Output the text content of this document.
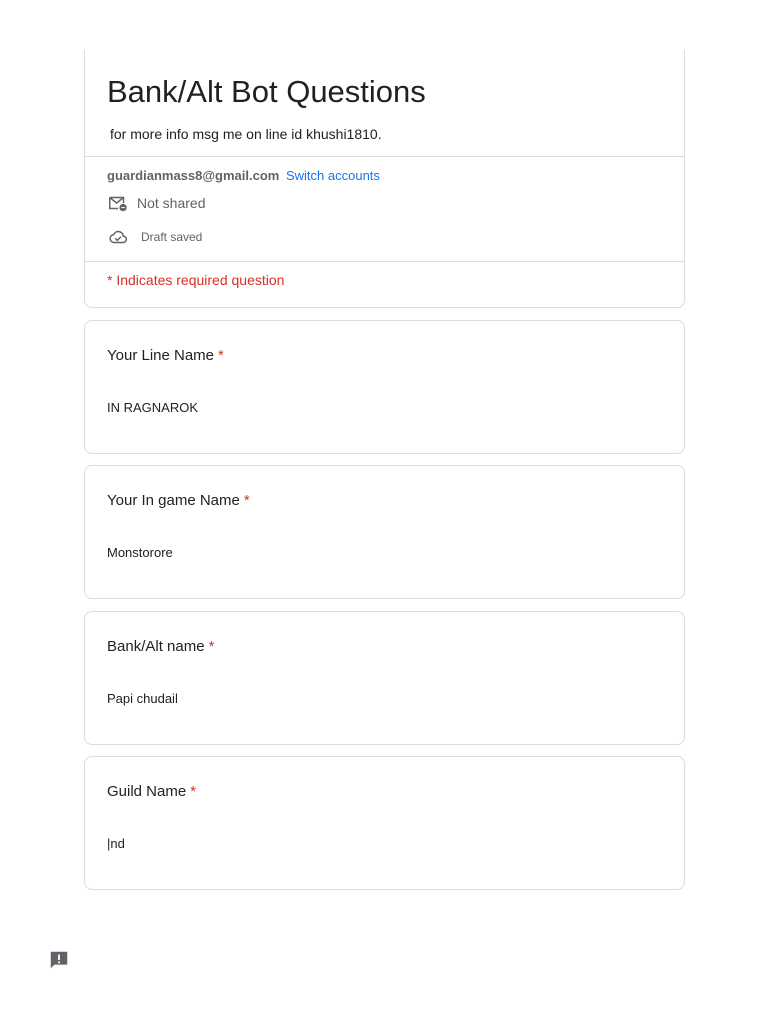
Bank/Alt Bot Questions
for more info msg me on line id khushi1810.
guardianmass8@gmail.com Switch accounts
Not shared
Draft saved
* Indicates required question
Your Line Name *
IN RAGNAROK
Your In game Name *
Monstorore
Bank/Alt name *
Papi chudail
Guild Name *
|nd
